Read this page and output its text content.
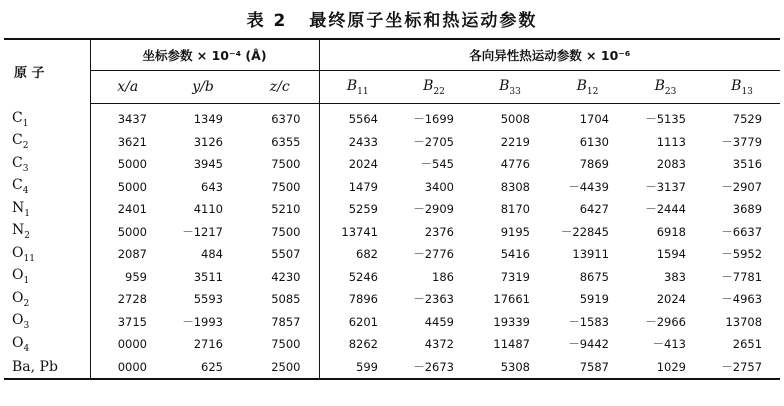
表 2 最终原子坐标和热运动参数
原 子	坐标参数 × 10⁻⁴ (Å)			各向异性热运动参数 × 10⁻⁶					
	x/a	y/b	z/c	$B_{11}$	$B_{22}$	$B_{33}$	$B_{12}$	$B_{23}$	$B_{13}$
$C_1$	3437	1349	6370	5564	－1699	5008	1704	－5135	7529
$C_2$	3621	3126	6355	2433	－2705	2219	6130	1113	－3779
$C_3$	5000	3945	7500	2024	－545	4776	7869	2083	3516
$C_4$	5000	643	7500	1479	3400	8308	－4439	－3137	－2907
$N_1$	2401	4110	5210	5259	－2909	8170	6427	－2444	3689
$N_2$	5000	－1217	7500	13741	2376	9195	－22845	6918	－6637
$O_{11}$	2087	484	5507	682	－2776	5416	13911	1594	－5952
$O_1$	959	3511	4230	5246	186	7319	8675	383	－7781
$O_2$	2728	5593	5085	7896	－2363	17661	5919	2024	－4963
$O_3$	3715	－1993	7857	6201	4459	19339	－1583	－2966	13708
$O_4$	0000	2716	7500	8262	4372	11487	－9442	－413	2651
Ba, Pb	0000	625	2500	599	－2673	5308	7587	1029	－2757
